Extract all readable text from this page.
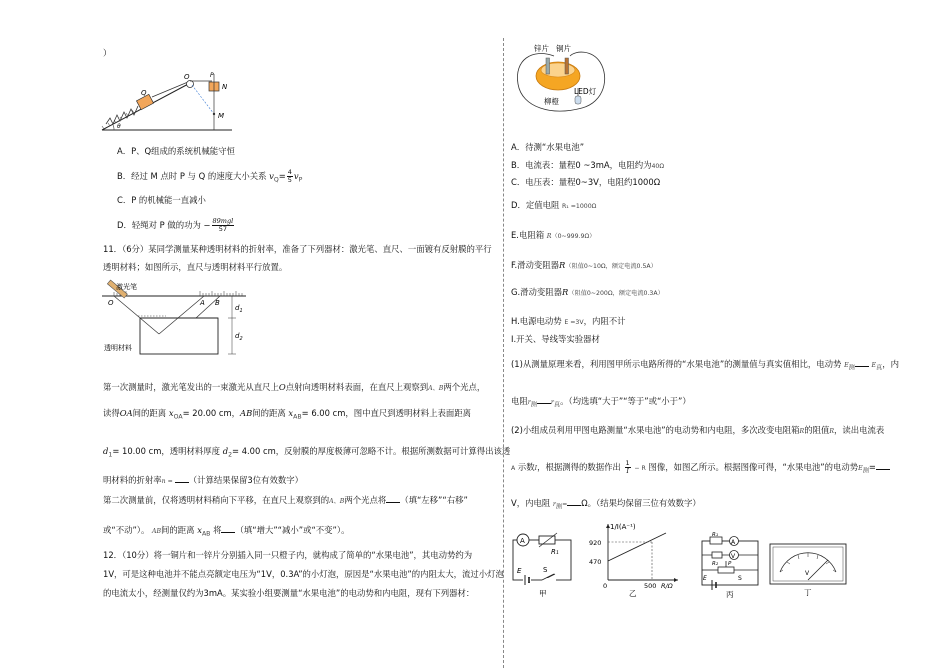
）
O	P
N
M
Q
θ
A．P、Q组成的系统机械能守恒
B．经过 M 点时 P 与 Q 的速度大小关系 $v_Q= \frac{4}{5} v_P$
C．P 的机械能一直减小
D．轻绳对 P 做的功为 − $\frac{\text{89mgl}}{57}$
11．（6分）某同学测量某种透明材料的折射率，准备了下列器材：激光笔、直尺、一面镀有反射膜的平行
透明材料；如图所示，直尺与透明材料平行放置。
激光笔
O	A B
$d_1$
$d_2$
透明材料
第一次测量时，激光笔发出的一束激光从直尺上O点射向透明材料表面，在直尺上观察到A、B两个光点，
读得OA间的距离 $x_{OA}= 20.00$ cm，AB间的距离 $x_{AB}= 6.00$ cm，图中直尺到透明材料上表面距离
$d_1= 10.00$ cm，透明材料厚度 $d_2= 4.00$ cm，反射膜的厚度极薄可忽略不计。根据所测数据可计算得出该透
明材料的折射率n = （计算结果保留3位有效数字）
第二次测量前，仅将透明材料稍向下平移，在直尺上观察到的A、B两个光点将 （填“左移”“右移”
或“不动”）。 AB间的距离 $x_{AB}$ 将 （填“增大”“减小”或“不变”）。
12．（10分）将一铜片和一锌片分别插入同一只橙子内，就构成了简单的“水果电池”，其电动势约为
1V，可是这种电池并不能点亮额定电压为“1V，0.3A”的小灯泡，原因是“水果电池”的内阻太大，流过小灯泡
的电流太小，经测量仅约为3mA。某实验小组要测量“水果电池”的电动势和内电阻，现有下列器材：
锌片 铜片
柳橙
LED灯
A．待测“水果电池”
B．电流表：量程0 ~3mA，电阻约为40Ω
C．电压表：量程0~3V，电阻约1000Ω
D．定值电阻 R₁ =1000Ω
E.电阻箱 R（0~999.9Ω）
F.滑动变阻器R（阻值0~10Ω，额定电流0.5A）
G.滑动变阻器R（阻值0~200Ω，额定电流0.3A）
H.电源电动势 E =3V，内阻不计
I.开关、导线等实验器材
(1)从测量原理来看，利用图甲所示电路所得的“水果电池”的测量值与真实值相比，电动势 $E_测$	$E_真$，内
电阻$r_测$ $r_真$。（均选填“大于”“等于”或“小于”）
(2)小组成员利用甲图电路测量“水果电池”的电动势和内电阻，多次改变电阻箱R的阻值R，读出电流表
A 示数I，根据测得的数据作出 $\frac{1}{I} - R$ 图像，如图乙所示。根据图像可得，“水果电池”的电动势$E_测=$
V，内电阻 $r_测= \Omega$。（结果均保留三位有效数字）
A
R₁
E	S
甲
1/I(A⁻¹)
920
470
0	500 R/Ω
乙
A
V
R₁
R₂ P
E	S
丙
V
丁
